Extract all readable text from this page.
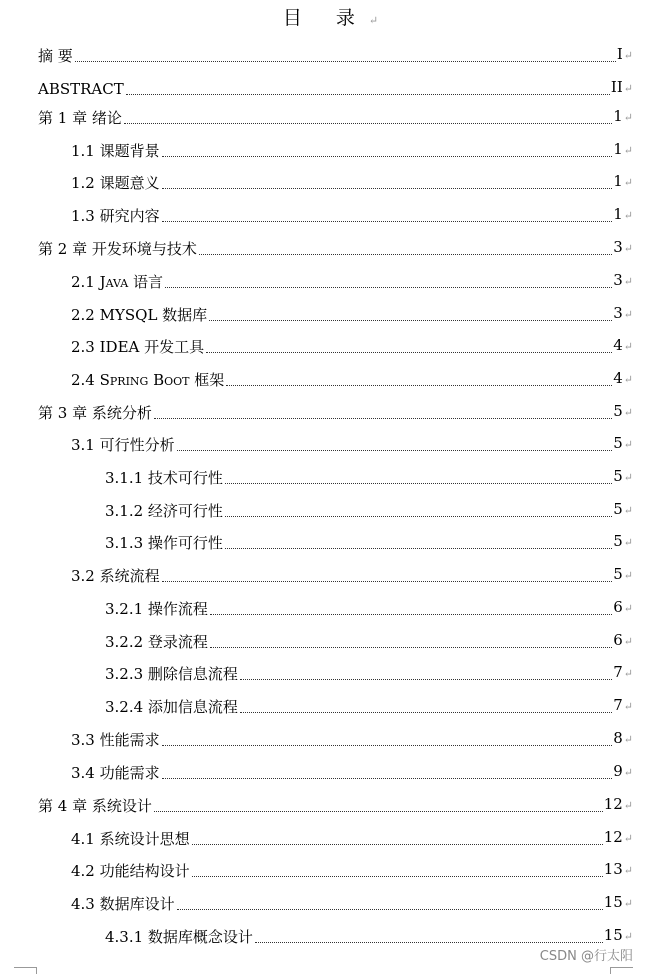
目 录↵
摘 要	I↵
ABSTRACT	II↵
第 1 章 绪论	1↵
1.1 课题背景	1↵
1.2 课题意义	1↵
1.3 研究内容	1↵
第 2 章 开发环境与技术	3↵
2.1 Java 语言	3↵
2.2 MYSQL 数据库	3↵
2.3 IDEA 开发工具	4↵
2.4 Spring Boot 框架	4↵
第 3 章 系统分析	5↵
3.1 可行性分析	5↵
3.1.1 技术可行性	5↵
3.1.2 经济可行性	5↵
3.1.3 操作可行性	5↵
3.2 系统流程	5↵
3.2.1 操作流程	6↵
3.2.2 登录流程	6↵
3.2.3 删除信息流程	7↵
3.2.4 添加信息流程	7↵
3.3 性能需求	8↵
3.4 功能需求	9↵
第 4 章 系统设计	12↵
4.1 系统设计思想	12↵
4.2 功能结构设计	13↵
4.3 数据库设计	15↵
4.3.1 数据库概念设计	15↵
CSDN @行太阳
